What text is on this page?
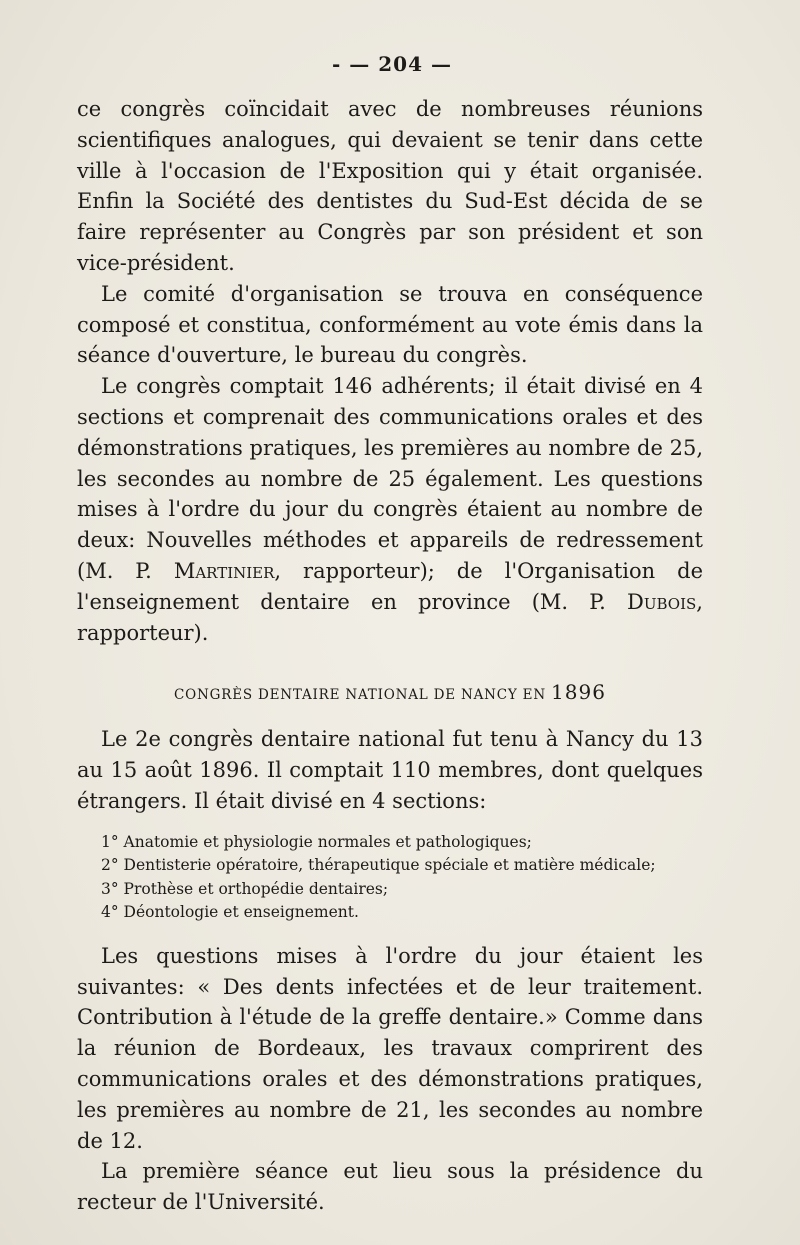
- — 204 —

ce congrès coïncidait avec de nombreuses réunions scientifiques analogues, qui devaient se tenir dans cette ville à l'occasion de l'Exposition qui y était organisée. Enfin la Société des dentistes du Sud-Est décida de se faire représenter au Congrès par son président et son vice-président.

Le comité d'organisation se trouva en conséquence composé et constitua, conformément au vote émis dans la séance d'ouverture, le bureau du congrès.

Le congrès comptait 146 adhérents; il était divisé en 4 sections et comprenait des communications orales et des démonstrations pratiques, les premières au nombre de 25, les secondes au nombre de 25 également. Les questions mises à l'ordre du jour du congrès étaient au nombre de deux: Nouvelles méthodes et appareils de redressement (M. P. Martinier, rapporteur); de l'Organisation de l'enseignement dentaire en province (M. P. Dubois, rapporteur).

CONGRÈS DENTAIRE NATIONAL DE NANCY EN 1896

Le 2e congrès dentaire national fut tenu à Nancy du 13 au 15 août 1896. Il comptait 110 membres, dont quelques étrangers. Il était divisé en 4 sections:

1° Anatomie et physiologie normales et pathologiques;
2° Dentisterie opératoire, thérapeutique spéciale et matière médicale;
3° Prothèse et orthopédie dentaires;
4° Déontologie et enseignement.

Les questions mises à l'ordre du jour étaient les suivantes: « Des dents infectées et de leur traitement. Contribution à l'étude de la greffe dentaire.» Comme dans la réunion de Bordeaux, les travaux comprirent des communications orales et des démonstrations pratiques, les premières au nombre de 21, les secondes au nombre de 12.

La première séance eut lieu sous la présidence du recteur de l'Université.
